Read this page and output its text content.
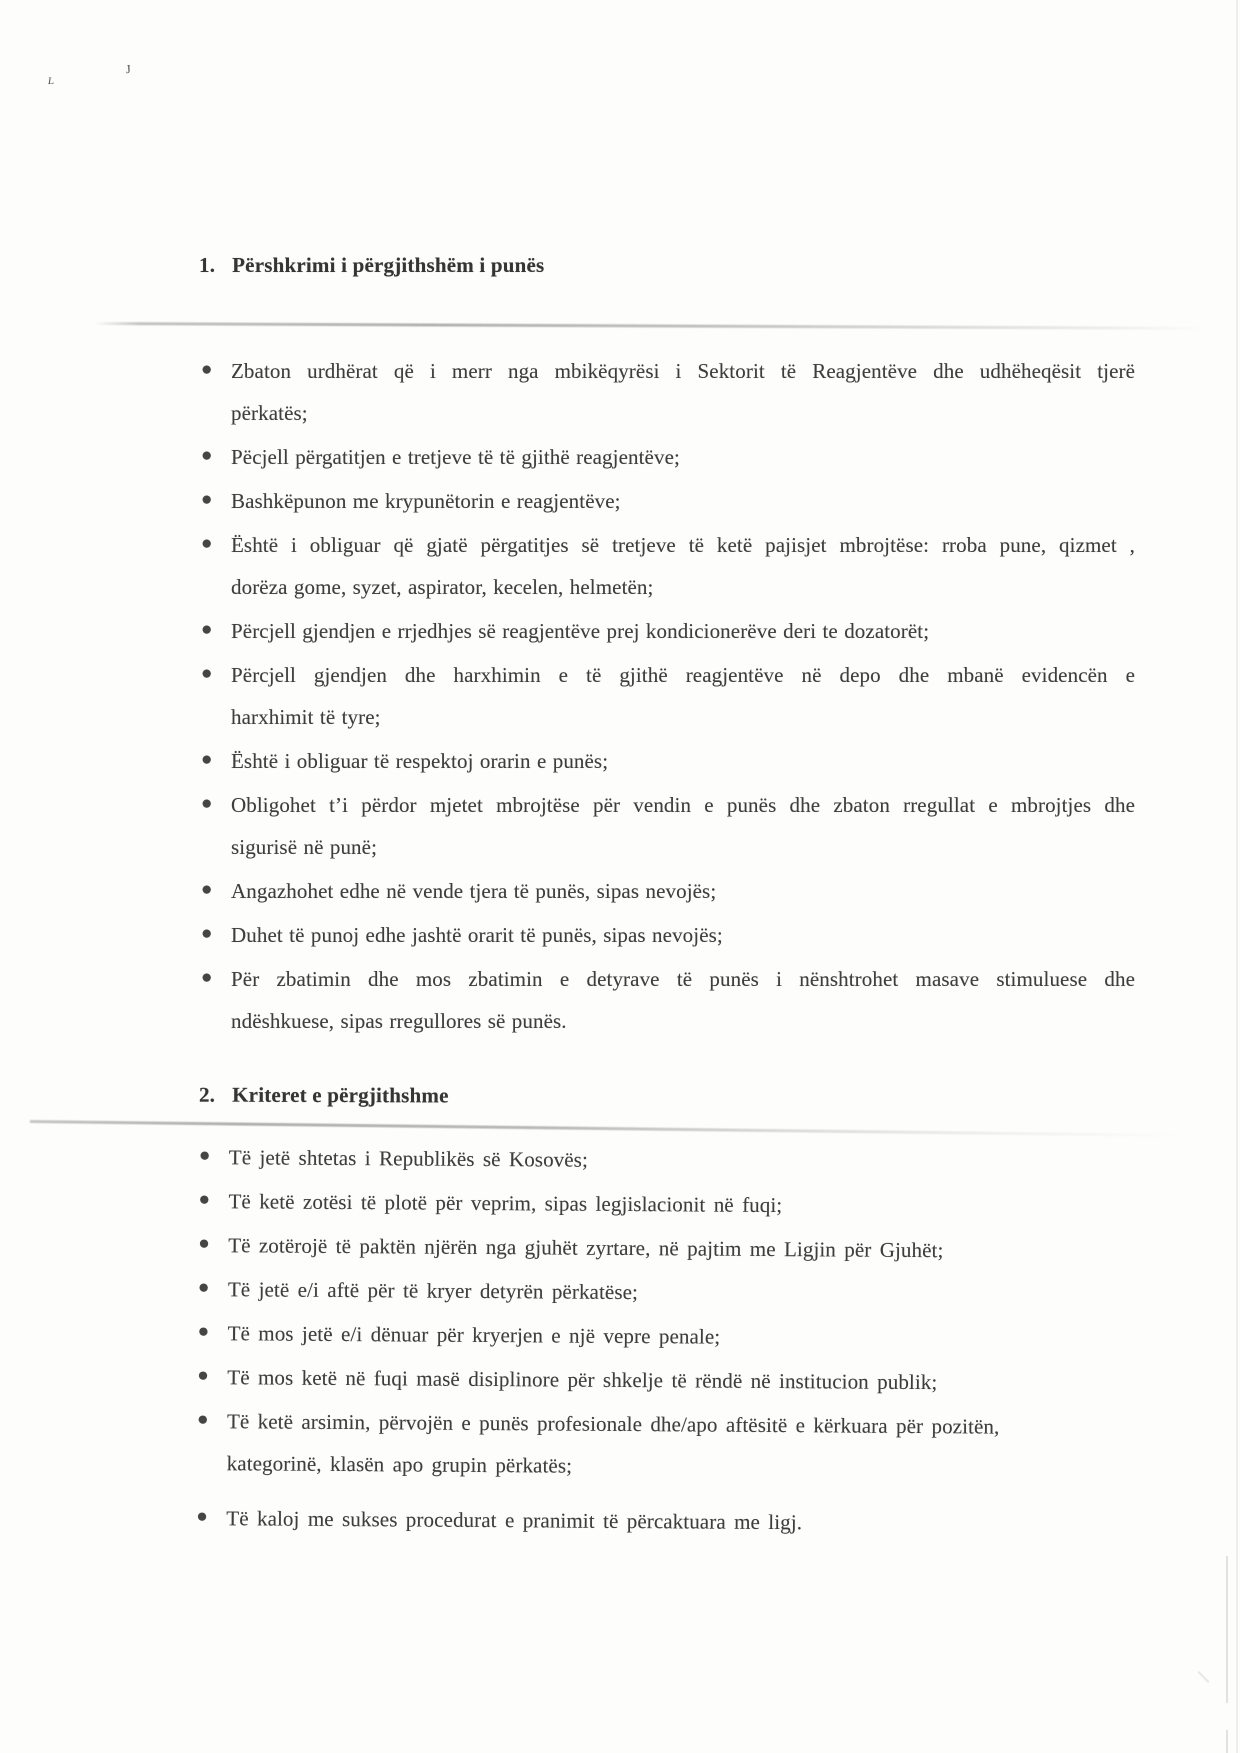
J
L
1. Përshkrimi i përgjithshëm i punës
● Zbaton urdhërat që i merr nga mbikëqyrësi i Sektorit të Reagjentëve dhe udhëheqësit tjerë
përkatës;
● Pëcjell përgatitjen e tretjeve të të gjithë reagjentëve;
● Bashkëpunon me krypunëtorin e reagjentëve;
● Është i obliguar që gjatë përgatitjes së tretjeve të ketë pajisjet mbrojtëse: rroba pune, qizmet ,
dorëza gome, syzet, aspirator, kecelen, helmetën;
● Përcjell gjendjen e rrjedhjes së reagjentëve prej kondicionerëve deri te dozatorët;
● Përcjell gjendjen dhe harxhimin e të gjithë reagjentëve në depo dhe mbanë evidencën e
harxhimit të tyre;
● Është i obliguar të respektoj orarin e punës;
● Obligohet t’i përdor mjetet mbrojtëse për vendin e punës dhe zbaton rregullat e mbrojtjes dhe
sigurisë në punë;
● Angazhohet edhe në vende tjera të punës, sipas nevojës;
● Duhet të punoj edhe jashtë orarit të punës, sipas nevojës;
● Për zbatimin dhe mos zbatimin e detyrave të punës i nënshtrohet masave stimuluese dhe
ndëshkuese, sipas rregullores së punës.
2. Kriteret e përgjithshme
● Të jetë shtetas i Republikës së Kosovës;
● Të ketë zotësi të plotë për veprim, sipas legjislacionit në fuqi;
● Të zotërojë të paktën njërën nga gjuhët zyrtare, në pajtim me Ligjin për Gjuhët;
● Të jetë e/i aftë për të kryer detyrën përkatëse;
● Të mos jetë e/i dënuar për kryerjen e një vepre penale;
● Të mos ketë në fuqi masë disiplinore për shkelje të rëndë në institucion publik;
● Të ketë arsimin, përvojën e punës profesionale dhe/apo aftësitë e kërkuara për pozitën,
kategorinë, klasën apo grupin përkatës;
● Të kaloj me sukses procedurat e pranimit të përcaktuara me ligj.
